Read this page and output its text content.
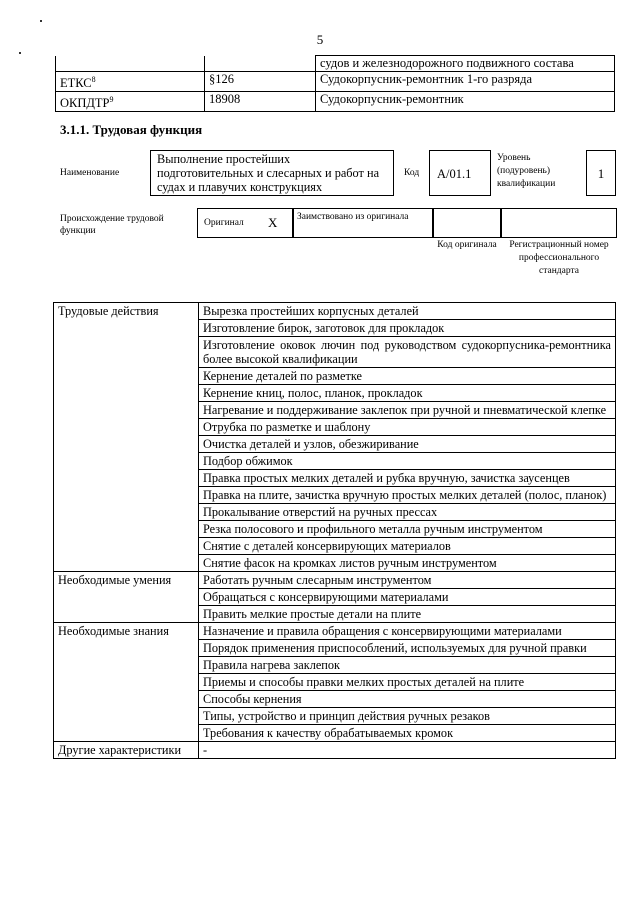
5
		судов и железнодорожного подвижного состава
ЕТКС$^8$	§126	Судокорпусник-ремонтник 1-го разряда
ОКПДТР$^9$	18908	Судокорпусник-ремонтник
3.1.1. Трудовая функция
Наименование
Выполнение простейших подготовительных и слесарных и работ на судах и плавучих конструкциях
Код А/01.1
Уровень (подуровень) квалификации
1
Происхождение трудовой функции
Оригинал X Заимствовано из оригинала
Код оригинала	Регистрационный номер профессионального стандарта
Трудовые действия	Вырезка простейших корпусных деталей
	Изготовление бирок, заготовок для прокладок
	Изготовление оковок лючин под руководством судокорпусника-ремонтника более высокой квалификации
	Кернение деталей по разметке
	Кернение книц, полос, планок, прокладок
	Нагревание и поддерживание заклепок при ручной и пневматической клепке
	Отрубка по разметке и шаблону
	Очистка деталей и узлов, обезжиривание
	Подбор обжимок
	Правка простых мелких деталей и рубка вручную, зачистка заусенцев
	Правка на плите, зачистка вручную простых мелких деталей (полос, планок)
	Прокалывание отверстий на ручных прессах
	Резка полосового и профильного металла ручным инструментом
	Снятие с деталей консервирующих материалов
	Снятие фасок на кромках листов ручным инструментом
Необходимые умения	Работать ручным слесарным инструментом
	Обращаться с консервирующими материалами
	Править мелкие простые детали на плите
Необходимые знания	Назначение и правила обращения с консервирующими материалами
	Порядок применения приспособлений, используемых для ручной правки
	Правила нагрева заклепок
	Приемы и способы правки мелких простых деталей на плите
	Способы кернения
	Типы, устройство и принцип действия ручных резаков
	Требования к качеству обрабатываемых кромок
Другие характеристики	-
